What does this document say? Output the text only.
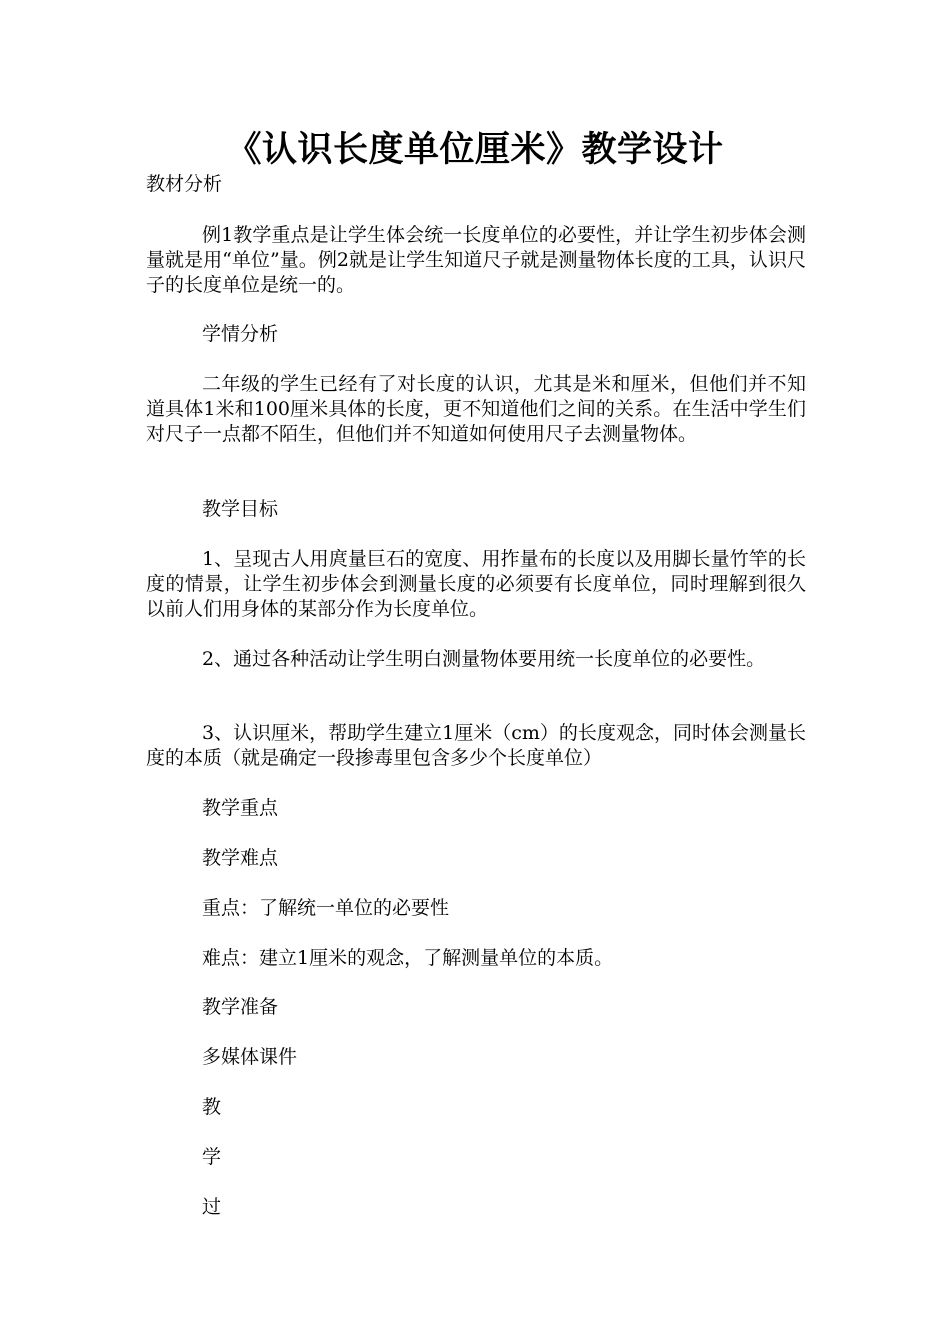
《认识长度单位厘米》教学设计

教材分析

例1教学重点是让学生体会统一长度单位的必要性，并让学生初步体会测量就是用“单位”量。例2就是让学生知道尺子就是测量物体长度的工具，认识尺子的长度单位是统一的。

学情分析

二年级的学生已经有了对长度的认识，尤其是米和厘米，但他们并不知道具体1米和100厘米具体的长度，更不知道他们之间的关系。在生活中学生们对尺子一点都不陌生，但他们并不知道如何使用尺子去测量物体。

教学目标

1、呈现古人用庹量巨石的宽度、用拃量布的长度以及用脚长量竹竿的长度的情景，让学生初步体会到测量长度的必须要有长度单位，同时理解到很久以前人们用身体的某部分作为长度单位。

2、通过各种活动让学生明白测量物体要用统一长度单位的必要性。

3、认识厘米，帮助学生建立1厘米（cm）的长度观念，同时体会测量长度的本质（就是确定一段掺毒里包含多少个长度单位）

教学重点

教学难点

重点：了解统一单位的必要性

难点：建立1厘米的观念，了解测量单位的本质。

教学准备

多媒体课件

教

学

过
